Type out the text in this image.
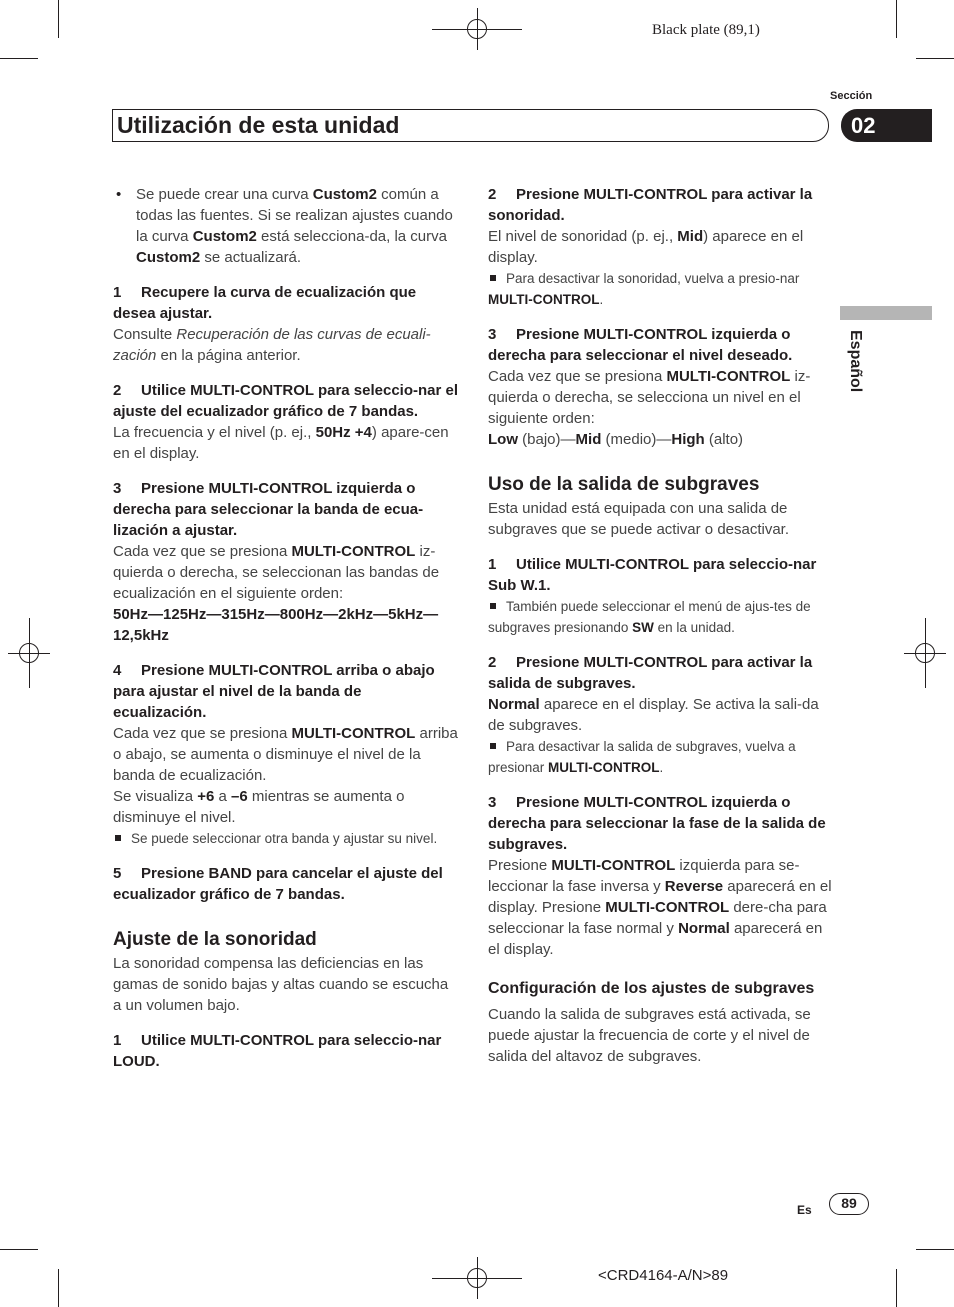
Black plate (89,1)
Sección
Utilización de esta unidad	02
Español

• Se puede crear una curva Custom2 común a todas las fuentes. Si se realizan ajustes cuando la curva Custom2 está selecciona-da, la curva Custom2 se actualizará.

1 Recupere la curva de ecualización que desea ajustar.

Consulte Recuperación de las curvas de ecuali-zación en la página anterior.

2 Utilice MULTI-CONTROL para seleccio-nar el ajuste del ecualizador gráfico de 7 bandas.

La frecuencia y el nivel (p. ej., 50Hz +4) apare-cen en el display.

3 Presione MULTI-CONTROL izquierda o derecha para seleccionar la banda de ecua-lización a ajustar.

Cada vez que se presiona MULTI-CONTROL iz-quierda o derecha, se seleccionan las bandas de ecualización en el siguiente orden:

50Hz—125Hz—315Hz—800Hz—2kHz—5kHz—12,5kHz

4 Presione MULTI-CONTROL arriba o abajo para ajustar el nivel de la banda de ecualización.

Cada vez que se presiona MULTI-CONTROL arriba o abajo, se aumenta o disminuye el nivel de la banda de ecualización.

Se visualiza +6 a –6 mientras se aumenta o disminuye el nivel.

Se puede seleccionar otra banda y ajustar su nivel.

5 Presione BAND para cancelar el ajuste del ecualizador gráfico de 7 bandas.

Ajuste de la sonoridad

La sonoridad compensa las deficiencias en las gamas de sonido bajas y altas cuando se escucha a un volumen bajo.

1 Utilice MULTI-CONTROL para seleccio-nar LOUD.

2 Presione MULTI-CONTROL para activar la sonoridad.

El nivel de sonoridad (p. ej., Mid) aparece en el display.

Para desactivar la sonoridad, vuelva a presio-nar MULTI-CONTROL.

3 Presione MULTI-CONTROL izquierda o derecha para seleccionar el nivel deseado.

Cada vez que se presiona MULTI-CONTROL iz-quierda o derecha, se selecciona un nivel en el siguiente orden:

Low (bajo)—Mid (medio)—High (alto)

Uso de la salida de subgraves

Esta unidad está equipada con una salida de subgraves que se puede activar o desactivar.

1 Utilice MULTI-CONTROL para seleccio-nar Sub W.1.

También puede seleccionar el menú de ajus-tes de subgraves presionando SW en la unidad.

2 Presione MULTI-CONTROL para activar la salida de subgraves.

Normal aparece en el display. Se activa la sali-da de subgraves.

Para desactivar la salida de subgraves, vuelva a presionar MULTI-CONTROL.

3 Presione MULTI-CONTROL izquierda o derecha para seleccionar la fase de la salida de subgraves.

Presione MULTI-CONTROL izquierda para se-leccionar la fase inversa y Reverse aparecerá en el display. Presione MULTI-CONTROL dere-cha para seleccionar la fase normal y Normal aparecerá en el display.

Configuración de los ajustes de subgraves

Cuando la salida de subgraves está activada, se puede ajustar la frecuencia de corte y el nivel de salida del altavoz de subgraves.

Es	89
<CRD4164-A/N>89
